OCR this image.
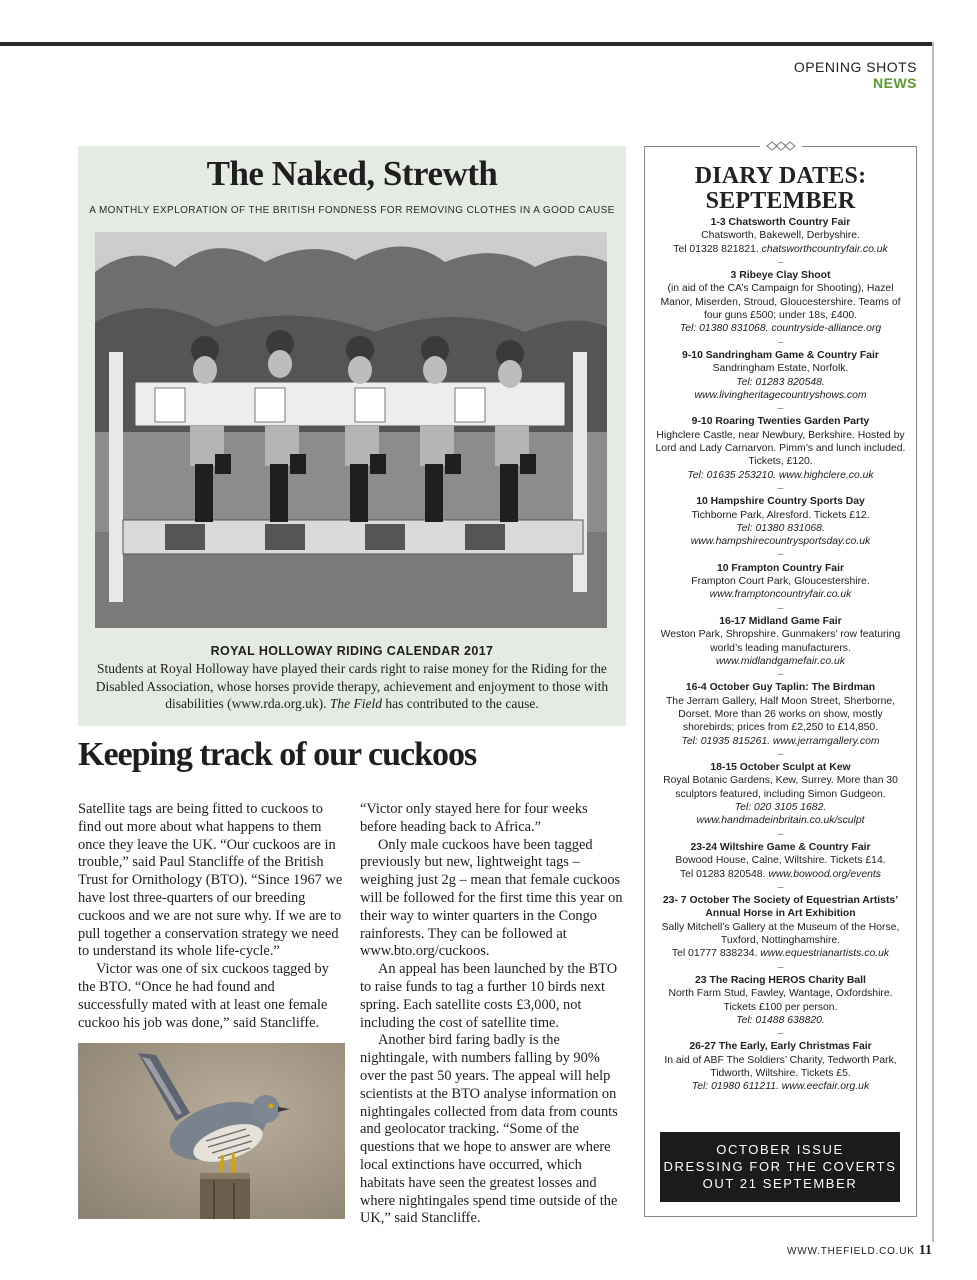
OPENING SHOTS
NEWS
The Naked, Strewth
A MONTHLY EXPLORATION OF THE BRITISH FONDNESS FOR REMOVING CLOTHES IN A GOOD CAUSE
ROYAL HOLLOWAY RIDING CALENDAR 2017

Students at Royal Holloway have played their cards right to raise money for the Riding for the Disabled Association, whose horses provide therapy, achievement and enjoyment to those with disabilities (www.rda.org.uk). The Field has contributed to the cause.

Keeping track of our cuckoos

Satellite tags are being fitted to cuckoos to find out more about what happens to them once they leave the UK. “Our cuckoos are in trouble,” said Paul Stancliffe of the British Trust for Ornithology (BTO). “Since 1967 we have lost three-quarters of our breeding cuckoos and we are not sure why. If we are to pull together a conservation strategy we need to understand its whole life-cycle.”

Victor was one of six cuckoos tagged by the BTO. “Once he had found and successfully mated with at least one female cuckoo his job was done,” said Stancliffe.

“Victor only stayed here for four weeks before heading back to Africa.”

Only male cuckoos have been tagged previously but new, lightweight tags – weighing just 2g – mean that female cuckoos will be followed for the first time this year on their way to winter quarters in the Congo rainforests. They can be followed at www.bto.org/cuckoos.

An appeal has been launched by the BTO to raise funds to tag a further 10 birds next spring. Each satellite costs £3,000, not including the cost of satellite time.

Another bird faring badly is the nightingale, with numbers falling by 90% over the past 50 years. The appeal will help scientists at the BTO analyse information on nightingales collected from data from counts and geolocator tracking. “Some of the questions that we hope to answer are where local extinctions have occurred, which habitats have seen the greatest losses and where nightingales spend time outside of the UK,” said Stancliffe.

DIARY DATES:
SEPTEMBER
1-3 Chatsworth Country Fair
Chatsworth, Bakewell, Derbyshire.
Tel 01328 821821. chatsworthcountryfair.co.uk
–
3 Ribeye Clay Shoot
(in aid of the CA’s Campaign for Shooting), Hazel Manor, Miserden, Stroud, Gloucestershire. Teams of four guns £500; under 18s, £400.
Tel: 01380 831068. countryside-alliance.org
–
9-10 Sandringham Game & Country Fair
Sandringham Estate, Norfolk.
Tel: 01283 820548. www.livingheritagecountryshows.com
–
9-10 Roaring Twenties Garden Party
Highclere Castle, near Newbury, Berkshire. Hosted by Lord and Lady Carnarvon. Pimm’s and lunch included. Tickets, £120.
Tel: 01635 253210. www.highclere.co.uk
–
10 Hampshire Country Sports Day
Tichborne Park, Alresford. Tickets £12.
Tel: 01380 831068. www.hampshirecountrysportsday.co.uk
–
10 Frampton Country Fair
Frampton Court Park, Gloucestershire.
www.framptoncountryfair.co.uk
–
16-17 Midland Game Fair
Weston Park, Shropshire. Gunmakers’ row featuring world’s leading manufacturers.
www.midlandgamefair.co.uk
–
16-4 October Guy Taplin: The Birdman
The Jerram Gallery, Half Moon Street, Sherborne, Dorset. More than 26 works on show, mostly shorebirds; prices from £2,250 to £14,850.
Tel: 01935 815261. www.jerramgallery.com
–
18-15 October Sculpt at Kew
Royal Botanic Gardens, Kew, Surrey. More than 30 sculptors featured, including Simon Gudgeon.
Tel: 020 3105 1682. www.handmadeinbritain.co.uk/sculpt
–
23-24 Wiltshire Game & Country Fair
Bowood House, Calne, Wiltshire. Tickets £14.
Tel 01283 820548. www.bowood.org/events
–
23- 7 October The Society of Equestrian Artists’ Annual Horse in Art Exhibition
Sally Mitchell’s Gallery at the Museum of the Horse, Tuxford, Nottinghamshire.
Tel 01777 838234. www.equestrianartists.co.uk
–
23 The Racing HEROS Charity Ball
North Farm Stud, Fawley, Wantage, Oxfordshire. Tickets £100 per person.
Tel: 01488 638820.
–
26-27 The Early, Early Christmas Fair
In aid of ABF The Soldiers’ Charity, Tedworth Park, Tidworth, Wiltshire. Tickets £5.
Tel: 01980 611211. www.eecfair.org.uk
OCTOBER ISSUE
DRESSING FOR THE COVERTS
OUT 21 SEPTEMBER
WWW.THEFIELD.CO.UK 11
